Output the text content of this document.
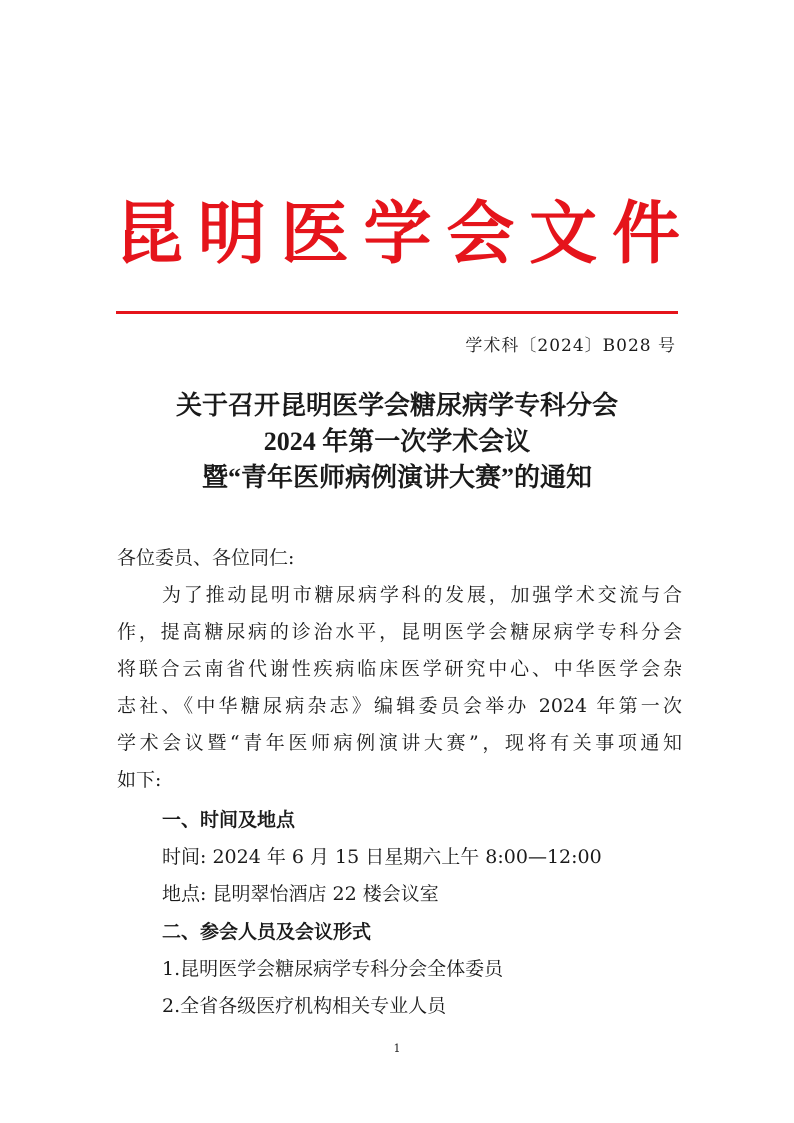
昆 明 医 学 会 文 件
学术科〔2024〕B028 号
关于召开昆明医学会糖尿病学专科分会
2024 年第一次学术会议
暨“青年医师病例演讲大赛”的通知
各位委员、各位同仁:
为了推动昆明市糖尿病学科的发展，加强学术交流与合
作，提高糖尿病的诊治水平，昆明医学会糖尿病学专科分会
将联合云南省代谢性疾病临床医学研究中心、中华医学会杂
志社、《中华糖尿病杂志》编辑委员会举办 2024 年第一次
学术会议暨“青年医师病例演讲大赛”，现将有关事项通知
如下:
一、时间及地点
时间: 2024 年 6 月 15 日星期六上午 8:00—12:00
地点: 昆明翠怡酒店 22 楼会议室
二、参会人员及会议形式
1.昆明医学会糖尿病学专科分会全体委员
2.全省各级医疗机构相关专业人员
1
